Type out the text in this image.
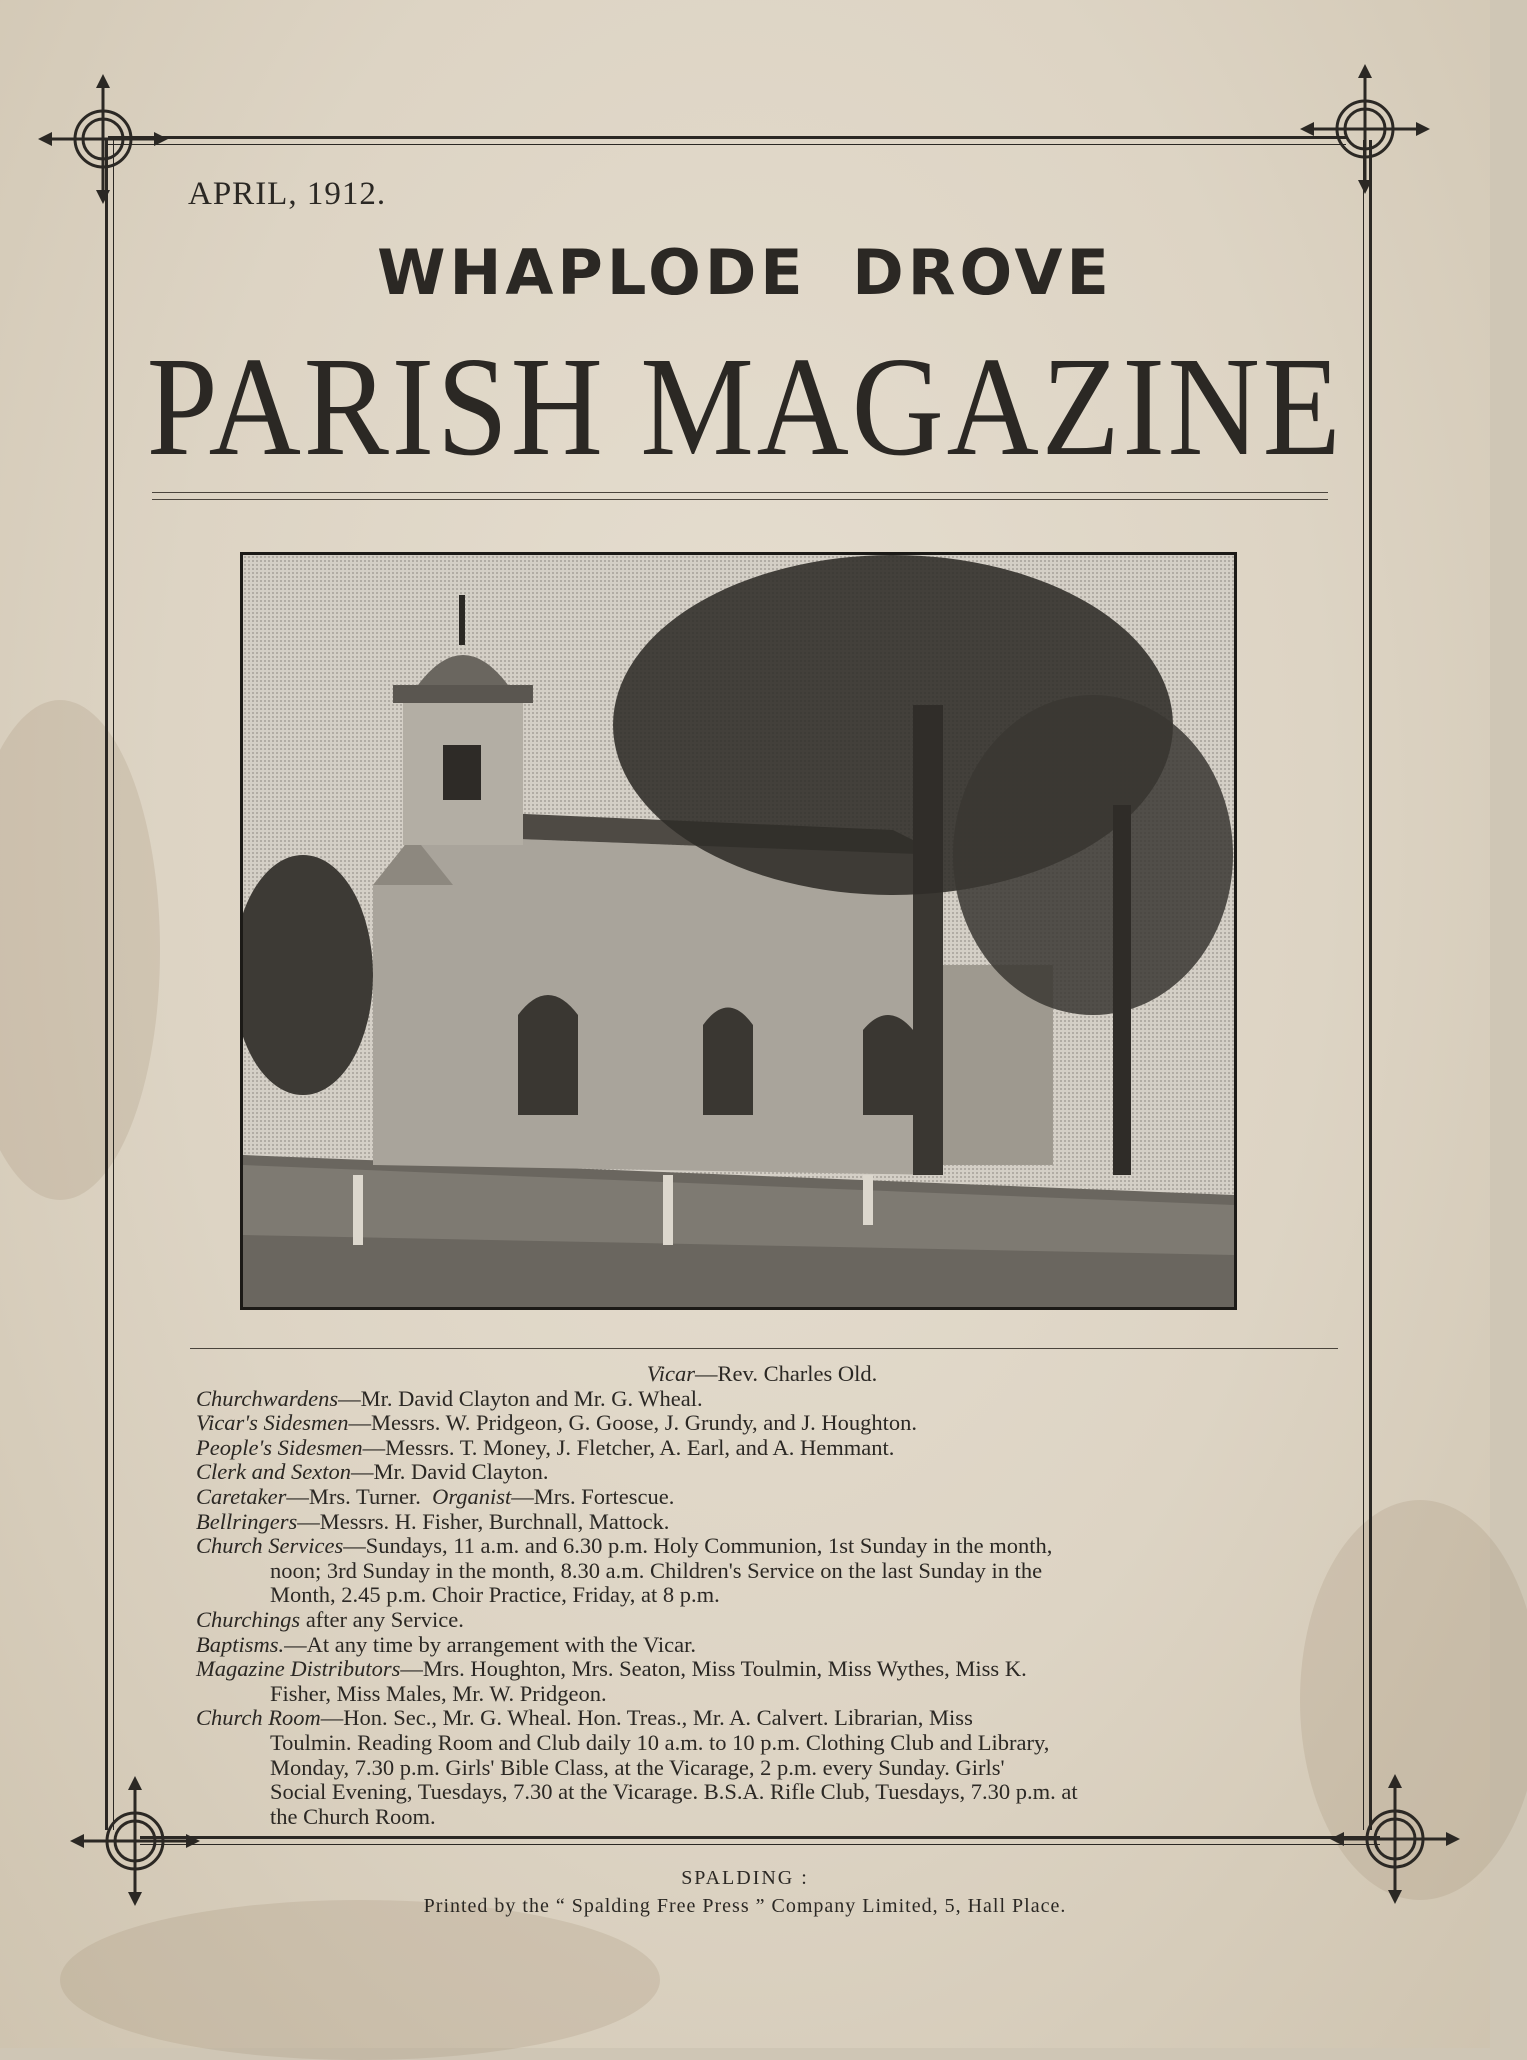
APRIL, 1912.
WHAPLODE DROVE
PARISH MAGAZINE
Vicar—Rev. Charles Old.
Churchwardens—Mr. David Clayton and Mr. G. Wheal.
Vicar's Sidesmen—Messrs. W. Pridgeon, G. Goose, J. Grundy, and J. Houghton.
People's Sidesmen—Messrs. T. Money, J. Fletcher, A. Earl, and A. Hemmant.
Clerk and Sexton—Mr. David Clayton.
Caretaker—Mrs. Turner. Organist—Mrs. Fortescue.
Bellringers—Messrs. H. Fisher, Burchnall, Mattock.
Church Services—Sundays, 11 a.m. and 6.30 p.m. Holy Communion, 1st Sunday in the month,
noon; 3rd Sunday in the month, 8.30 a.m. Children's Service on the last Sunday in the
Month, 2.45 p.m. Choir Practice, Friday, at 8 p.m.
Churchings after any Service.
Baptisms.—At any time by arrangement with the Vicar.
Magazine Distributors—Mrs. Houghton, Mrs. Seaton, Miss Toulmin, Miss Wythes, Miss K.
Fisher, Miss Males, Mr. W. Pridgeon.
Church Room—Hon. Sec., Mr. G. Wheal. Hon. Treas., Mr. A. Calvert. Librarian, Miss
Toulmin. Reading Room and Club daily 10 a.m. to 10 p.m. Clothing Club and Library,
Monday, 7.30 p.m. Girls' Bible Class, at the Vicarage, 2 p.m. every Sunday. Girls'
Social Evening, Tuesdays, 7.30 at the Vicarage. B.S.A. Rifle Club, Tuesdays, 7.30 p.m. at
the Church Room.
SPALDING :
Printed by the “ Spalding Free Press ” Company Limited, 5, Hall Place.
